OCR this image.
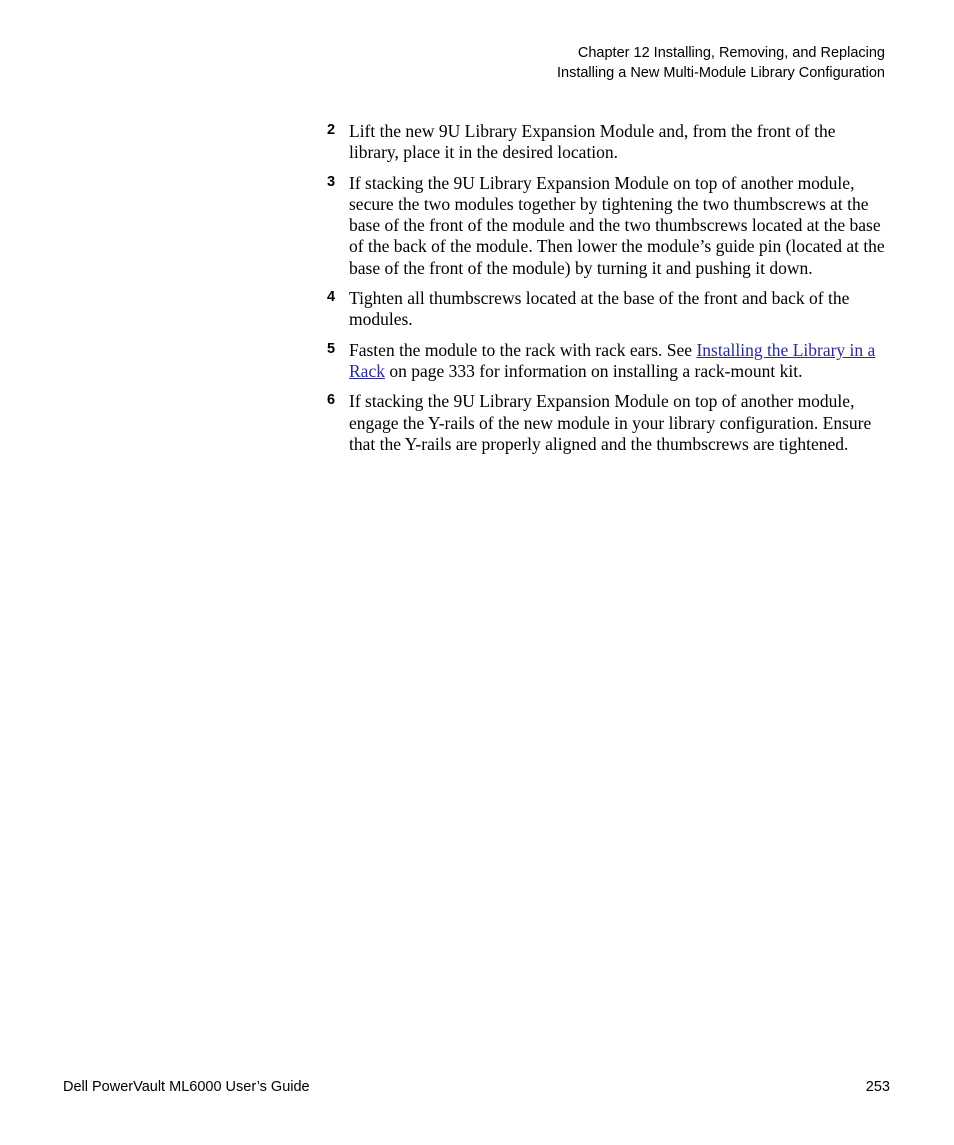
Chapter 12 Installing, Removing, and Replacing
Installing a New Multi-Module Library Configuration
2 Lift the new 9U Library Expansion Module and, from the front of the library, place it in the desired location.
3 If stacking the 9U Library Expansion Module on top of another module, secure the two modules together by tightening the two thumbscrews at the base of the front of the module and the two thumbscrews located at the base of the back of the module. Then lower the module’s guide pin (located at the base of the front of the module) by turning it and pushing it down.
4 Tighten all thumbscrews located at the base of the front and back of the modules.
5 Fasten the module to the rack with rack ears. See Installing the Library in a Rack on page 333 for information on installing a rack-mount kit.
6 If stacking the 9U Library Expansion Module on top of another module, engage the Y-rails of the new module in your library configuration. Ensure that the Y-rails are properly aligned and the thumbscrews are tightened.
Dell PowerVault ML6000 User’s Guide	253
